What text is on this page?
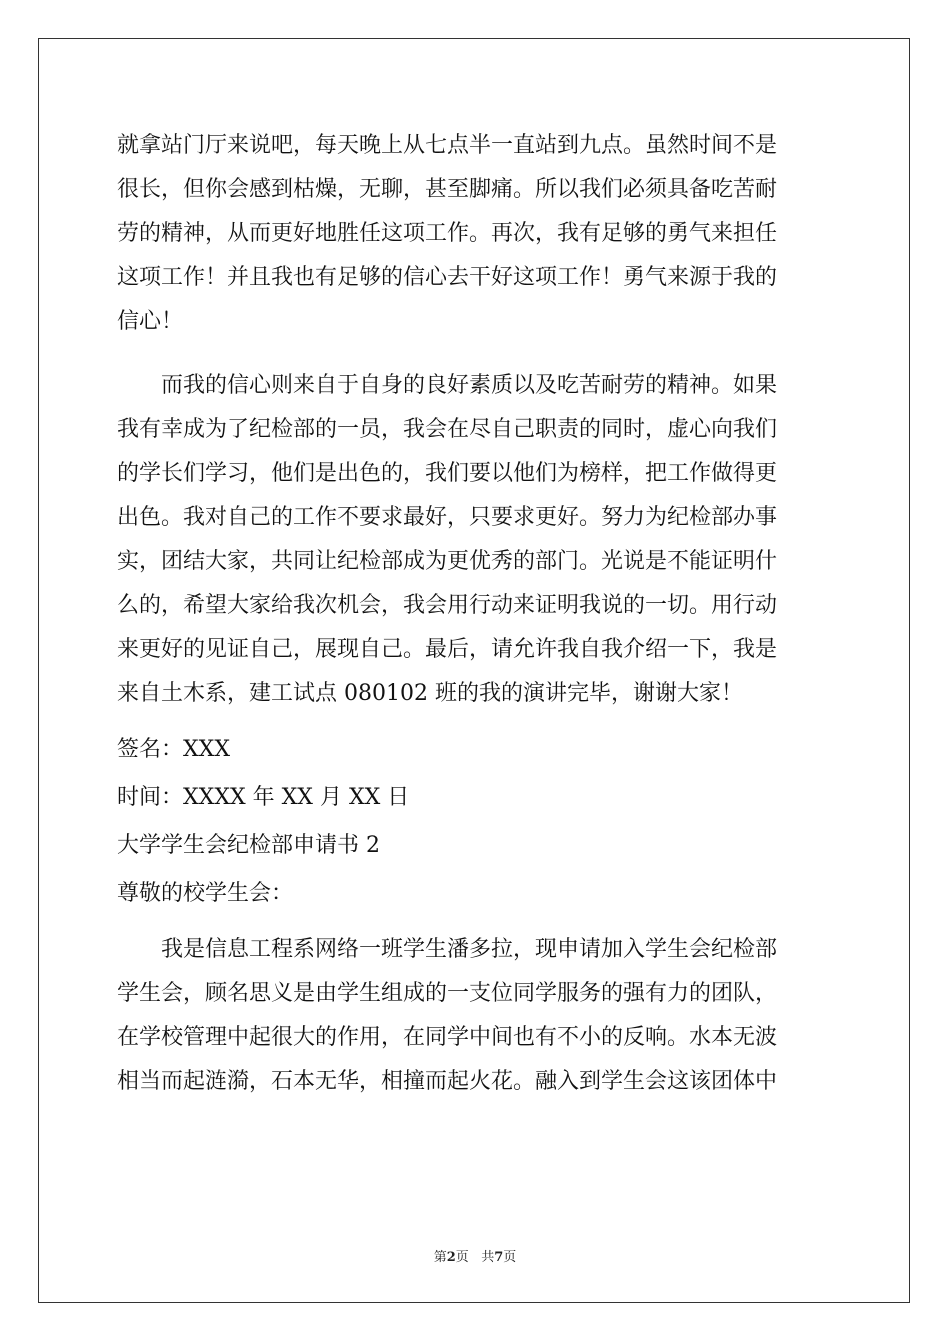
就拿站门厅来说吧，每天晚上从七点半一直站到九点。虽然时间不是
很长，但你会感到枯燥，无聊，甚至脚痛。所以我们必须具备吃苦耐
劳的精神，从而更好地胜任这项工作。再次，我有足够的勇气来担任
这项工作！并且我也有足够的信心去干好这项工作！勇气来源于我的
信心！
　　而我的信心则来自于自身的良好素质以及吃苦耐劳的精神。如果
我有幸成为了纪检部的一员，我会在尽自己职责的同时，虚心向我们
的学长们学习，他们是出色的，我们要以他们为榜样，把工作做得更
出色。我对自己的工作不要求最好，只要求更好。努力为纪检部办事
实，团结大家，共同让纪检部成为更优秀的部门。光说是不能证明什
么的，希望大家给我次机会，我会用行动来证明我说的一切。用行动
来更好的见证自己，展现自己。最后，请允许我自我介绍一下，我是
来自土木系，建工试点 080102 班的我的演讲完毕，谢谢大家！
签名：XXX
时间：XXXX 年 XX 月 XX 日
大学学生会纪检部申请书 2
尊敬的校学生会：
　　我是信息工程系网络一班学生潘多拉，现申请加入学生会纪检部
学生会，顾名思义是由学生组成的一支位同学服务的强有力的团队，
在学校管理中起很大的作用，在同学中间也有不小的反响。水本无波
相当而起涟漪，石本无华，相撞而起火花。融入到学生会这该团体中
第2页   共7页
